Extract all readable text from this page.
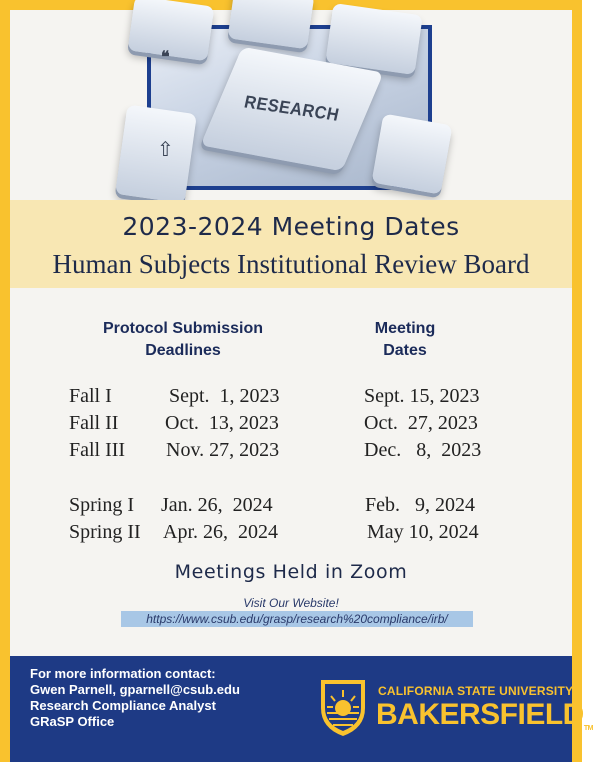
❝
⇧
RESEARCH
2023-2024 Meeting Dates
Human Subjects Institutional Review Board
Protocol Submission
Deadlines
Meeting
Dates
Fall I	Sept.  1, 2023	Sept. 15, 2023
Fall II Oct.  13, 2023	Oct.  27, 2023
Fall III Nov. 27, 2023	Dec.   8,  2023
Spring I Jan. 26,  2024	Feb.   9, 2024
Spring II Apr. 26,  2024	May 10, 2024
Meetings Held in Zoom
Visit Our Website!
https://www.csub.edu/grasp/research%20compliance/irb/
For more information contact:
Gwen Parnell, gparnell@csub.edu
Research Compliance Analyst
GRaSP Office
CALIFORNIA STATE UNIVERSITY
BAKERSFIELDTM
